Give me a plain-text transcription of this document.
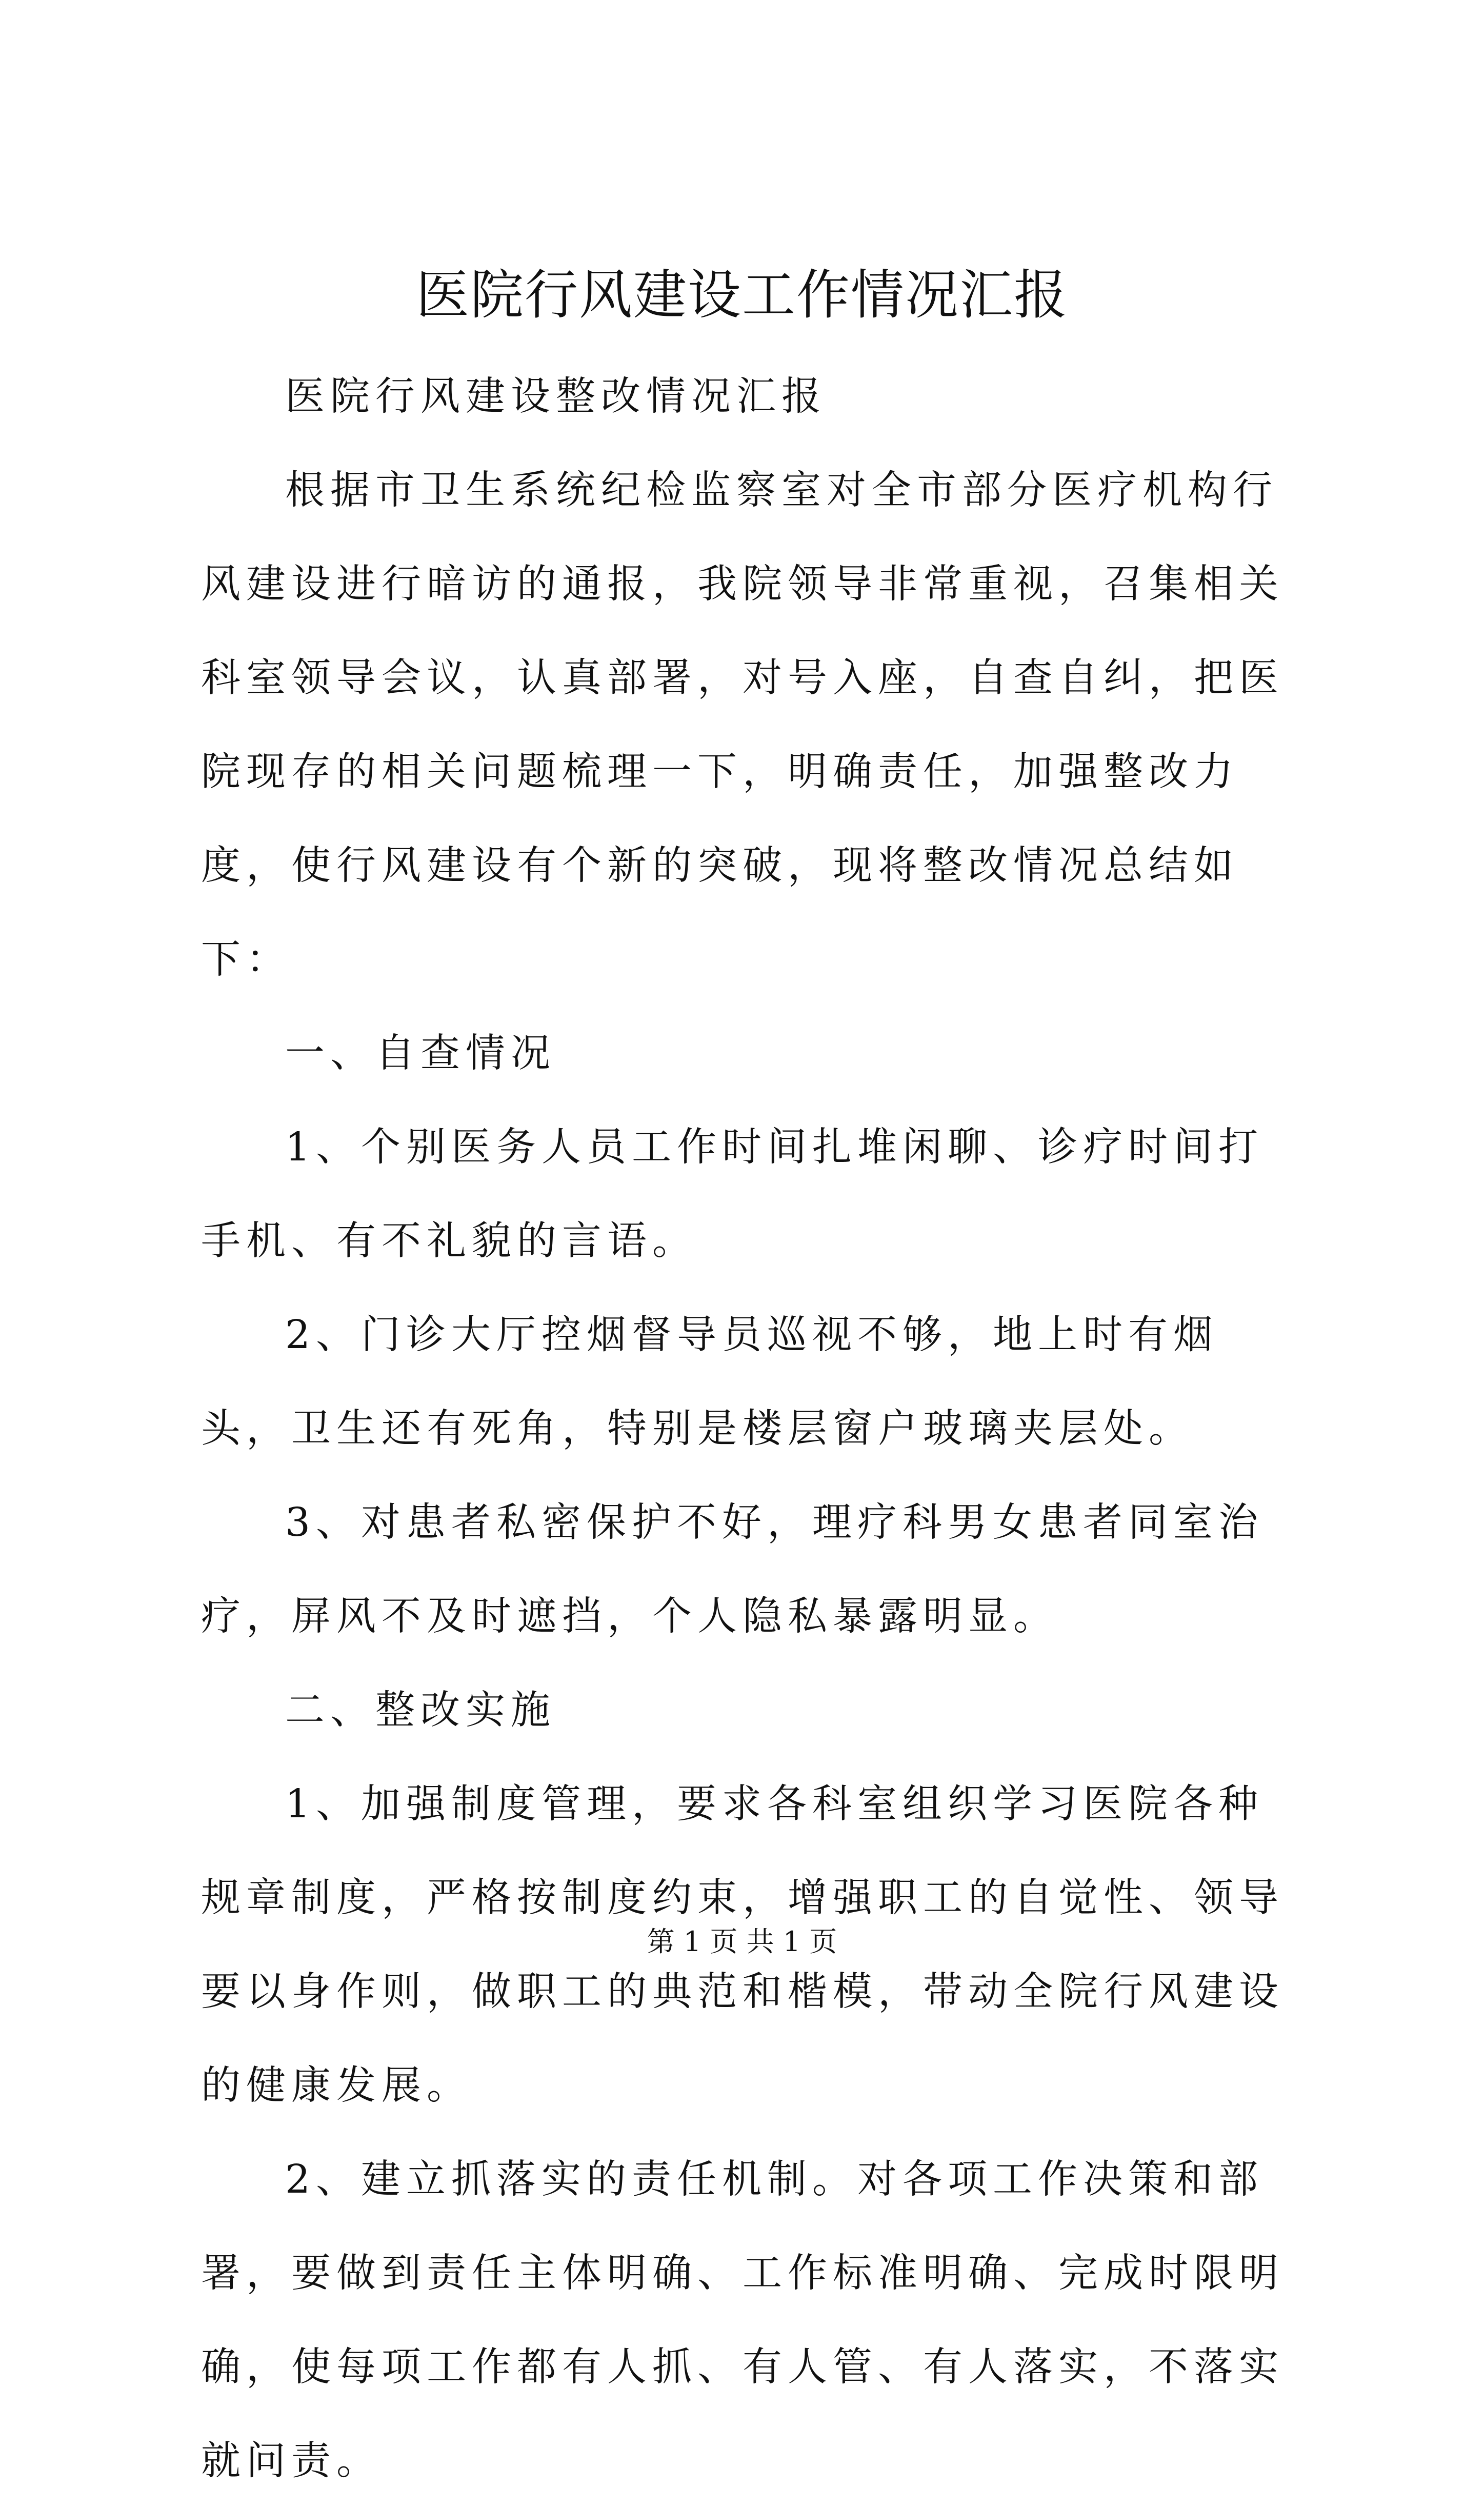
医院行风建设工作情况汇报

医院行风建设整改情况汇报

根据市卫生系统纪检监察室对全市部分医疗机构行风建设进行暗访的通报，我院领导非常重视，召集相关科室领导会议，认真部署，对号入座，自查自纠，把医院现存的相关问题梳理一下，明确责任，加强整改力度，使行风建设有个新的突破，现将整改情况总结如下：

一、自查情况

1、个别医务人员工作时间扎堆闲聊、诊疗时间打手机、有不礼貌的言语。

2、门诊大厅控烟督导员巡视不够，地上时有烟头，卫生还有死角，特别是楼层窗户玻璃夹层处。

3、对患者私密保护不好，理疗科男女患者同室治疗，屏风不及时遮挡，个人隐私暴露明显。

二、整改实施

1、加强制度管理，要求各科室组织学习医院各种规章制度，严格按制度约束，增强职工的自觉性、领导要以身作则，做职工的典范和楷模，带动全院行风建设的健康发展。

2、建立抓落实的责任机制。对各项工作决策和部署，要做到责任主体明确、工作标准明确、完成时限明确，使每项工作都有人抓、有人管、有人落实，不落实就问责。

第 1 页 共 1 页
